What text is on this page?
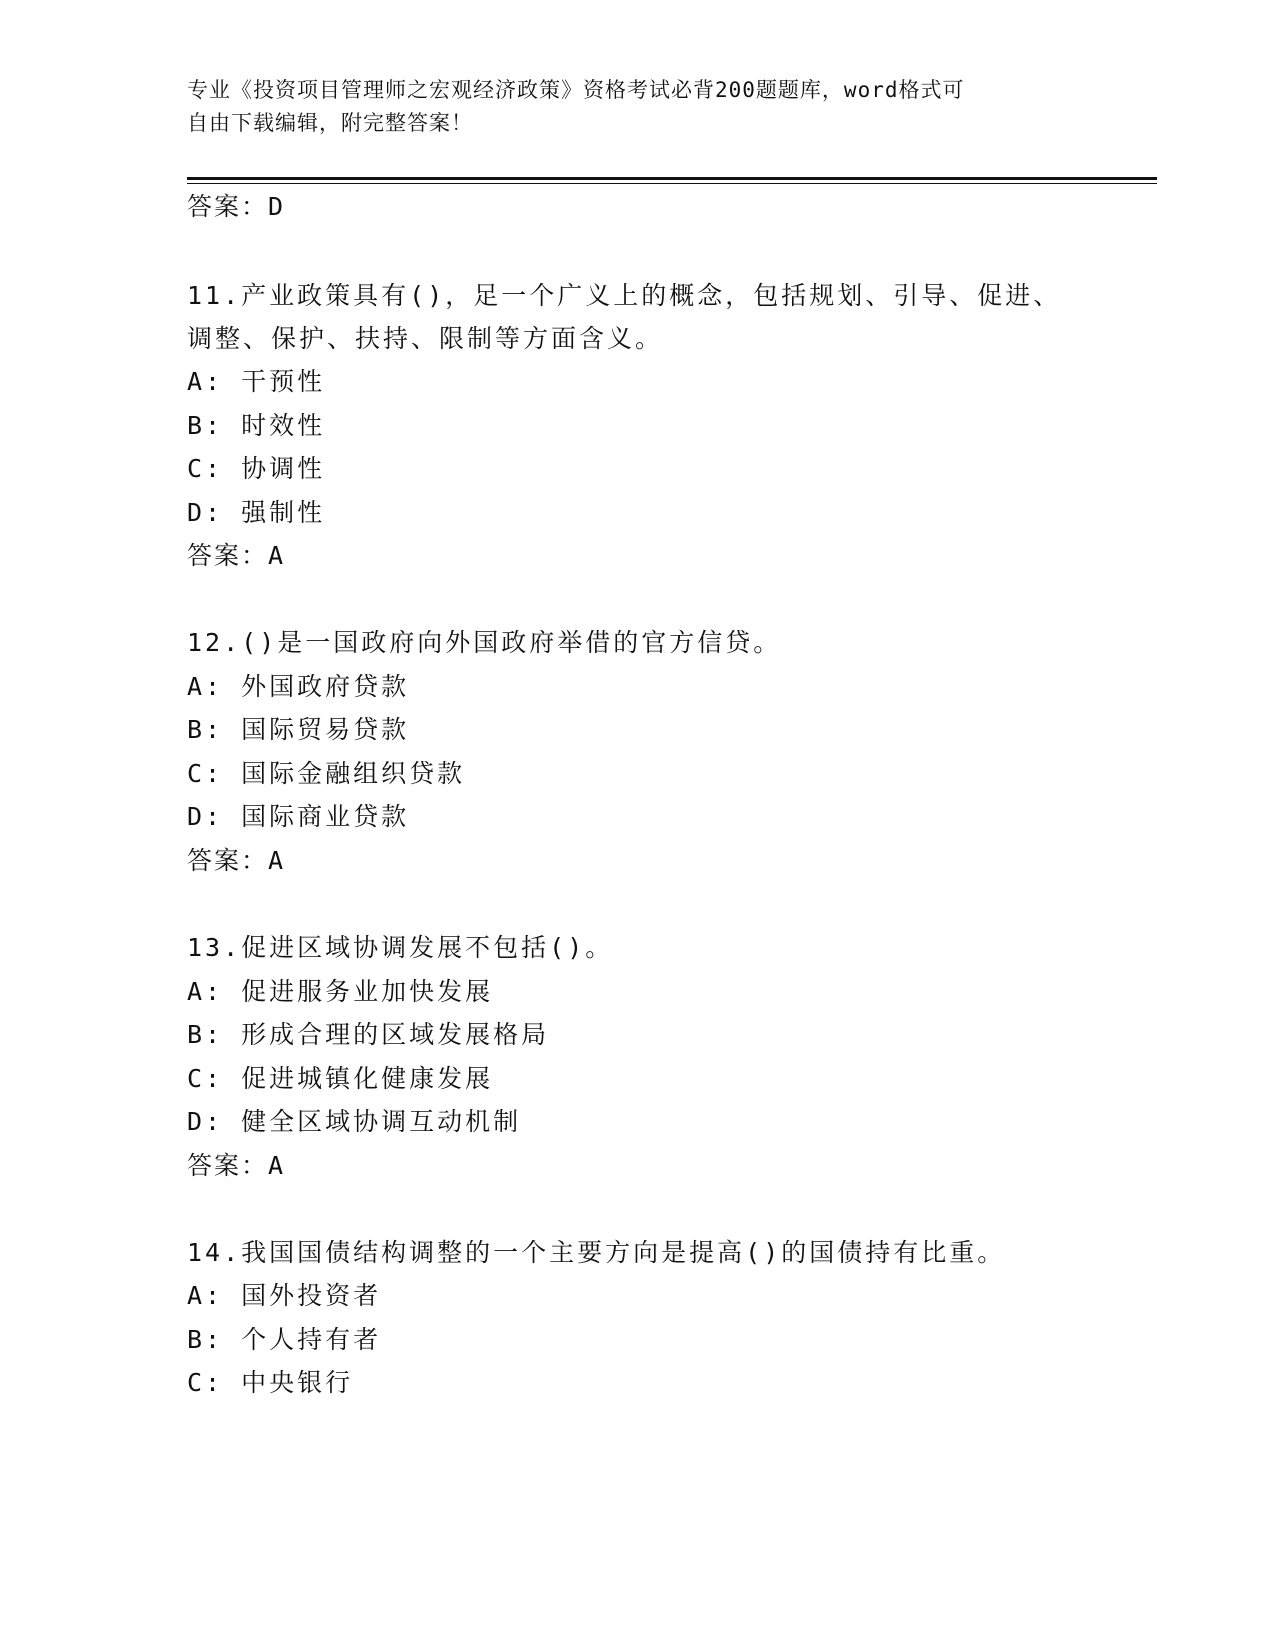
专业《投资项目管理师之宏观经济政策》资格考试必背200题题库，word格式可
自由下载编辑，附完整答案！
答案：D
11.产业政策具有()，足一个广义上的概念，包括规划、引导、促进、
调整、保护、扶持、限制等方面含义。
A: 干预性
B: 时效性
C: 协调性
D: 强制性
答案：A
12.()是一国政府向外国政府举借的官方信贷。
A: 外国政府贷款
B: 国际贸易贷款
C: 国际金融组织贷款
D: 国际商业贷款
答案：A
13.促进区域协调发展不包括()。
A: 促进服务业加快发展
B: 形成合理的区域发展格局
C: 促进城镇化健康发展
D: 健全区域协调互动机制
答案：A
14.我国国债结构调整的一个主要方向是提高()的国债持有比重。
A: 国外投资者
B: 个人持有者
C: 中央银行
